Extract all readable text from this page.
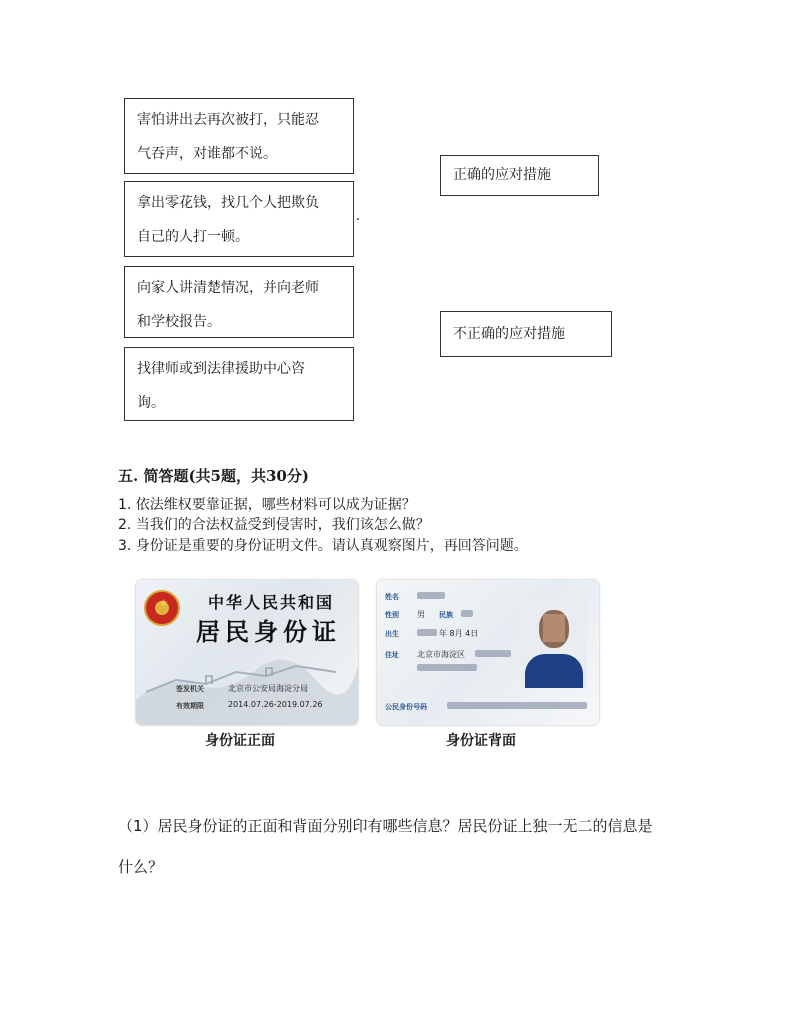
害怕讲出去再次被打，只能忍
气吞声，对谁都不说。
拿出零花钱，找几个人把欺负
自己的人打一顿。
向家人讲清楚情况，并向老师
和学校报告。
找律师或到法律援助中心咨
询。
正确的应对措施
不正确的应对措施
五. 简答题(共5题，共30分)
1. 依法维权要靠证据，哪些材料可以成为证据？
2. 当我们的合法权益受到侵害时，我们该怎么做？
3. 身份证是重要的身份证明文件。请认真观察图片，再回答问题。
★	中华人民共和国
居民身份证
签发机关	北京市公安局海淀分局
有效期限	2014.07.26-2019.07.26
身份证正面
姓名
性别 男 民族
出生	年 8月 4日
住址 北京市海淀区
公民身份号码
身份证背面
（1）居民身份证的正面和背面分别印有哪些信息？居民份证上独一无二的信息是
什么？
